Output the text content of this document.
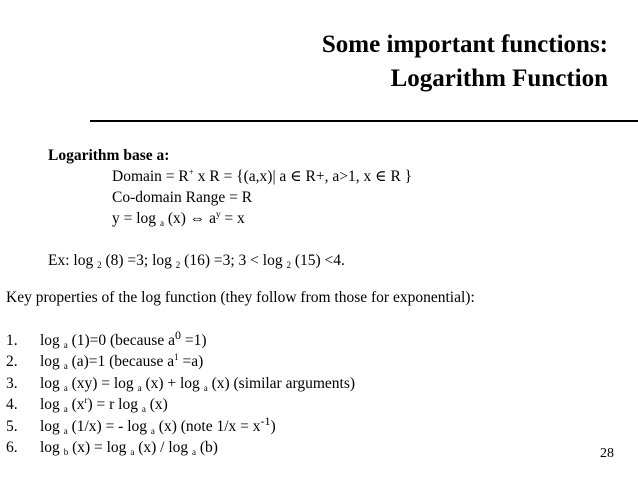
Some important functions:
Logarithm Function
Logarithm base a:
Domain = R+ x R = {(a,x)| a ∈ R+, a>1, x ∈ R }
Co-domain Range = R
y = log $_a$ (x) ⇔ $a^y = x$
Ex: log $_2$ (8) =3; log $_2$ (16) =3; 3 < log $_2$ (15) <4.
Key properties of the log function (they follow from those for exponential):
1.	log $_a$ (1)=0 (because $a^0 =1$)
2.	log $_a$ (a)=1 (because $a^1 =a$)
3.	log $_a$ (xy) = log $_a$ (x) + log $_a$ (x) (similar arguments)
4.	log $_a$ $(x^r) = r$ log $_a$ (x)
5.	log $_a$ (1/x) = - log $_a$ (x) (note $1/x = x^{-1}$)
6.	log $_b$ (x) = log $_a$ (x) / log $_a$ (b)	28
